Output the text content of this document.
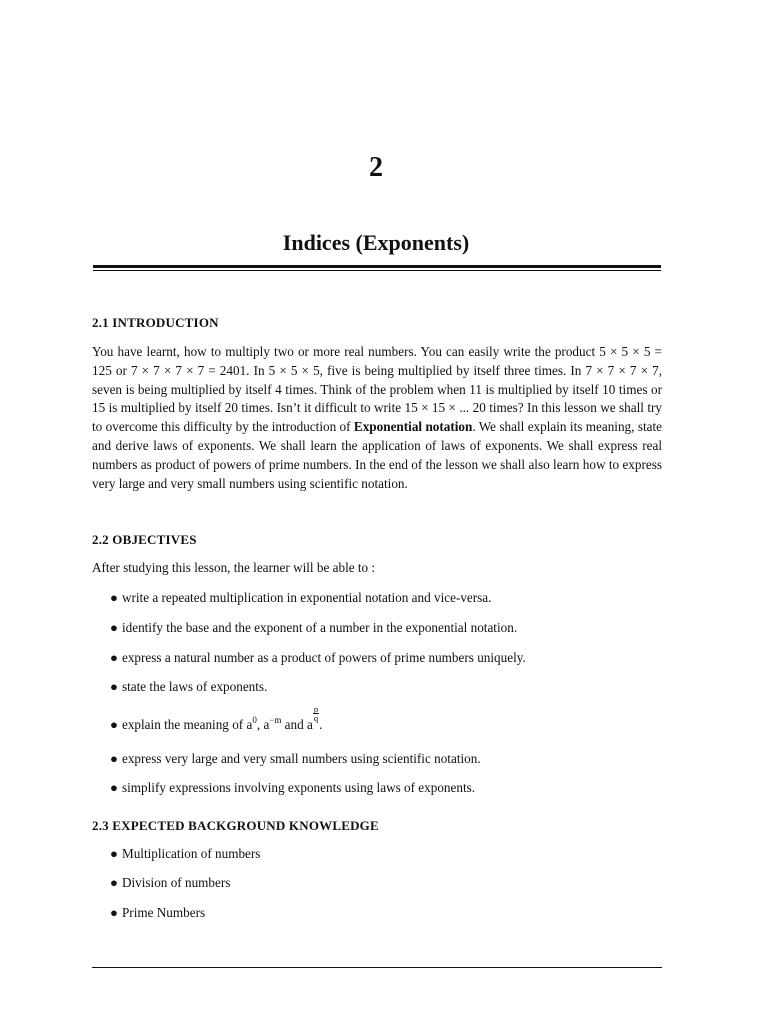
2
Indices (Exponents)
2.1 INTRODUCTION
You have learnt, how to multiply two or more real numbers. You can easily write the product 5 × 5 × 5 = 125 or 7 × 7 × 7 × 7 = 2401. In 5 × 5 × 5, five is being multiplied by itself three times. In 7 × 7 × 7 × 7, seven is being multiplied by itself 4 times. Think of the problem when 11 is multiplied by itself 10 times or 15 is multiplied by itself 20 times. Isn’t it difficult to write 15 × 15 × ... 20 times? In this lesson we shall try to overcome this difficulty by the introduction of Exponential notation. We shall explain its meaning, state and derive laws of exponents. We shall learn the application of laws of exponents. We shall express real numbers as product of powers of prime numbers. In the end of the lesson we shall also learn how to express very large and very small numbers using scientific notation.
2.2 OBJECTIVES
After studying this lesson, the learner will be able to :
● write a repeated multiplication in exponential notation and vice-versa.
● identify the base and the exponent of a number in the exponential notation.
● express a natural number as a product of powers of prime numbers uniquely.
● state the laws of exponents.
● explain the meaning of $a^0$, $a^{-m}$ and a
$\frac{p}{q}$
.
● express very large and very small numbers using scientific notation.
● simplify expressions involving exponents using laws of exponents.
2.3 EXPECTED BACKGROUND KNOWLEDGE
● Multiplication of numbers
● Division of numbers
● Prime Numbers
